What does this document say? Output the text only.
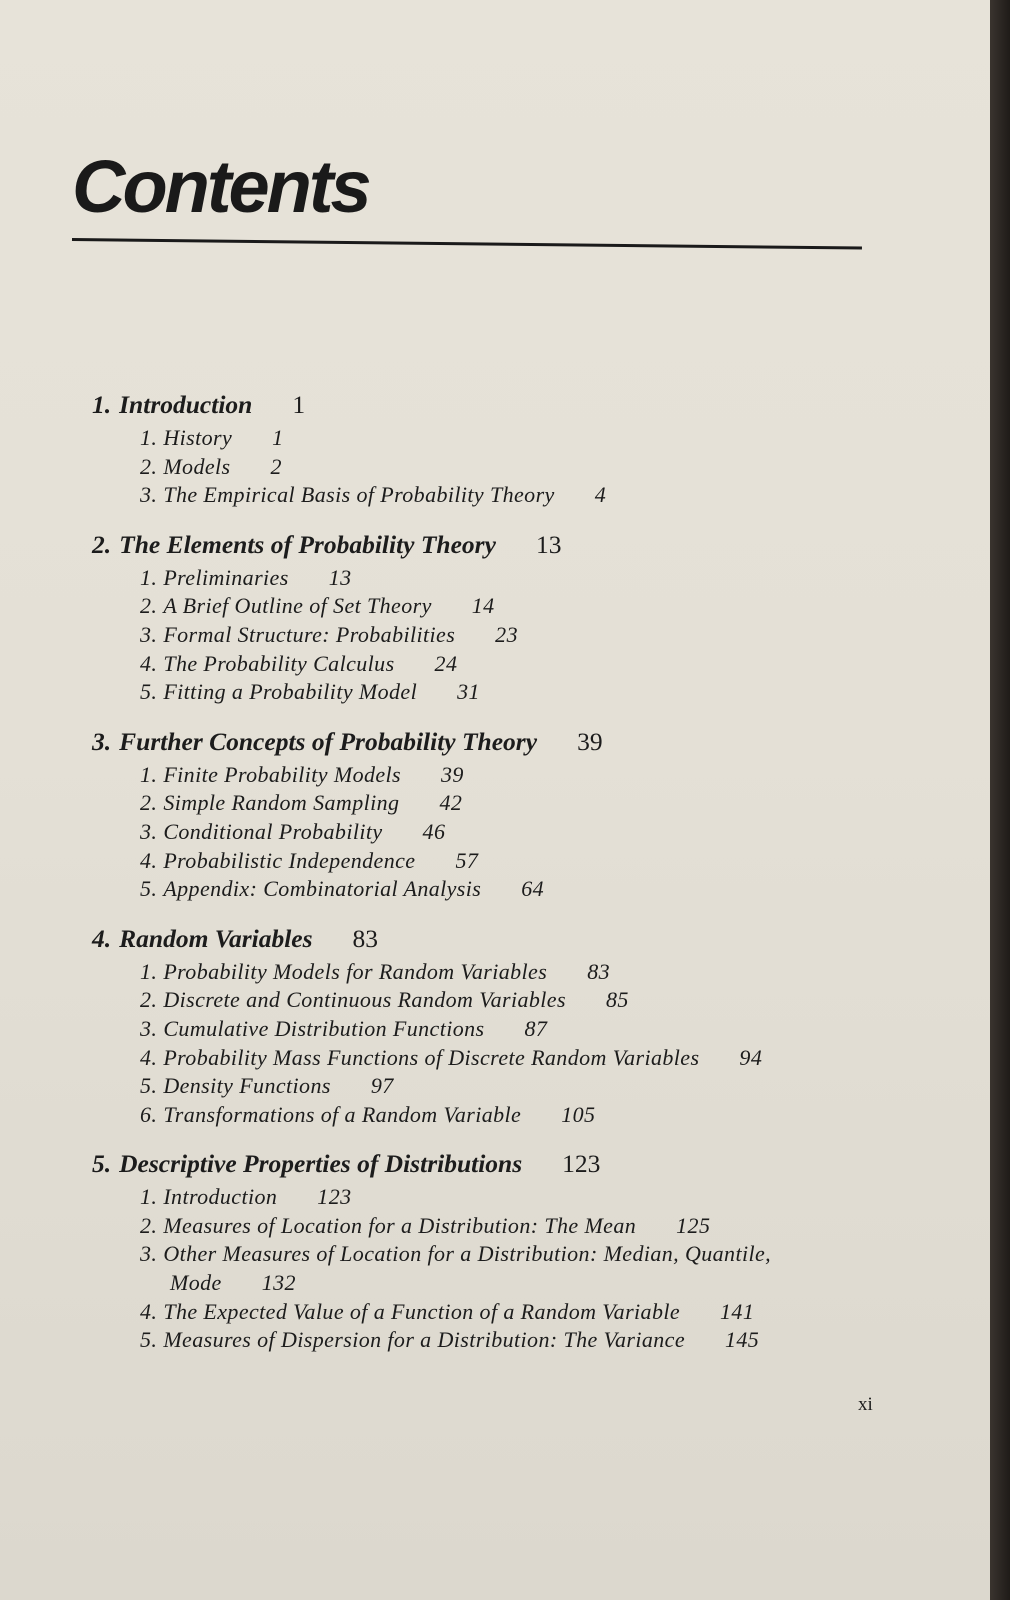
Contents
1. Introduction 1
1. History 1
2. Models 2
3. The Empirical Basis of Probability Theory 4
2. The Elements of Probability Theory 13
1. Preliminaries 13
2. A Brief Outline of Set Theory 14
3. Formal Structure: Probabilities 23
4. The Probability Calculus 24
5. Fitting a Probability Model 31
3. Further Concepts of Probability Theory 39
1. Finite Probability Models 39
2. Simple Random Sampling 42
3. Conditional Probability 46
4. Probabilistic Independence 57
5. Appendix: Combinatorial Analysis 64
4. Random Variables 83
1. Probability Models for Random Variables 83
2. Discrete and Continuous Random Variables 85
3. Cumulative Distribution Functions 87
4. Probability Mass Functions of Discrete Random Variables 94
5. Density Functions 97
6. Transformations of a Random Variable 105
5. Descriptive Properties of Distributions 123
1. Introduction 123
2. Measures of Location for a Distribution: The Mean 125
3. Other Measures of Location for a Distribution: Median, Quantile,
Mode 132
4. The Expected Value of a Function of a Random Variable 141
5. Measures of Dispersion for a Distribution: The Variance 145
xi
